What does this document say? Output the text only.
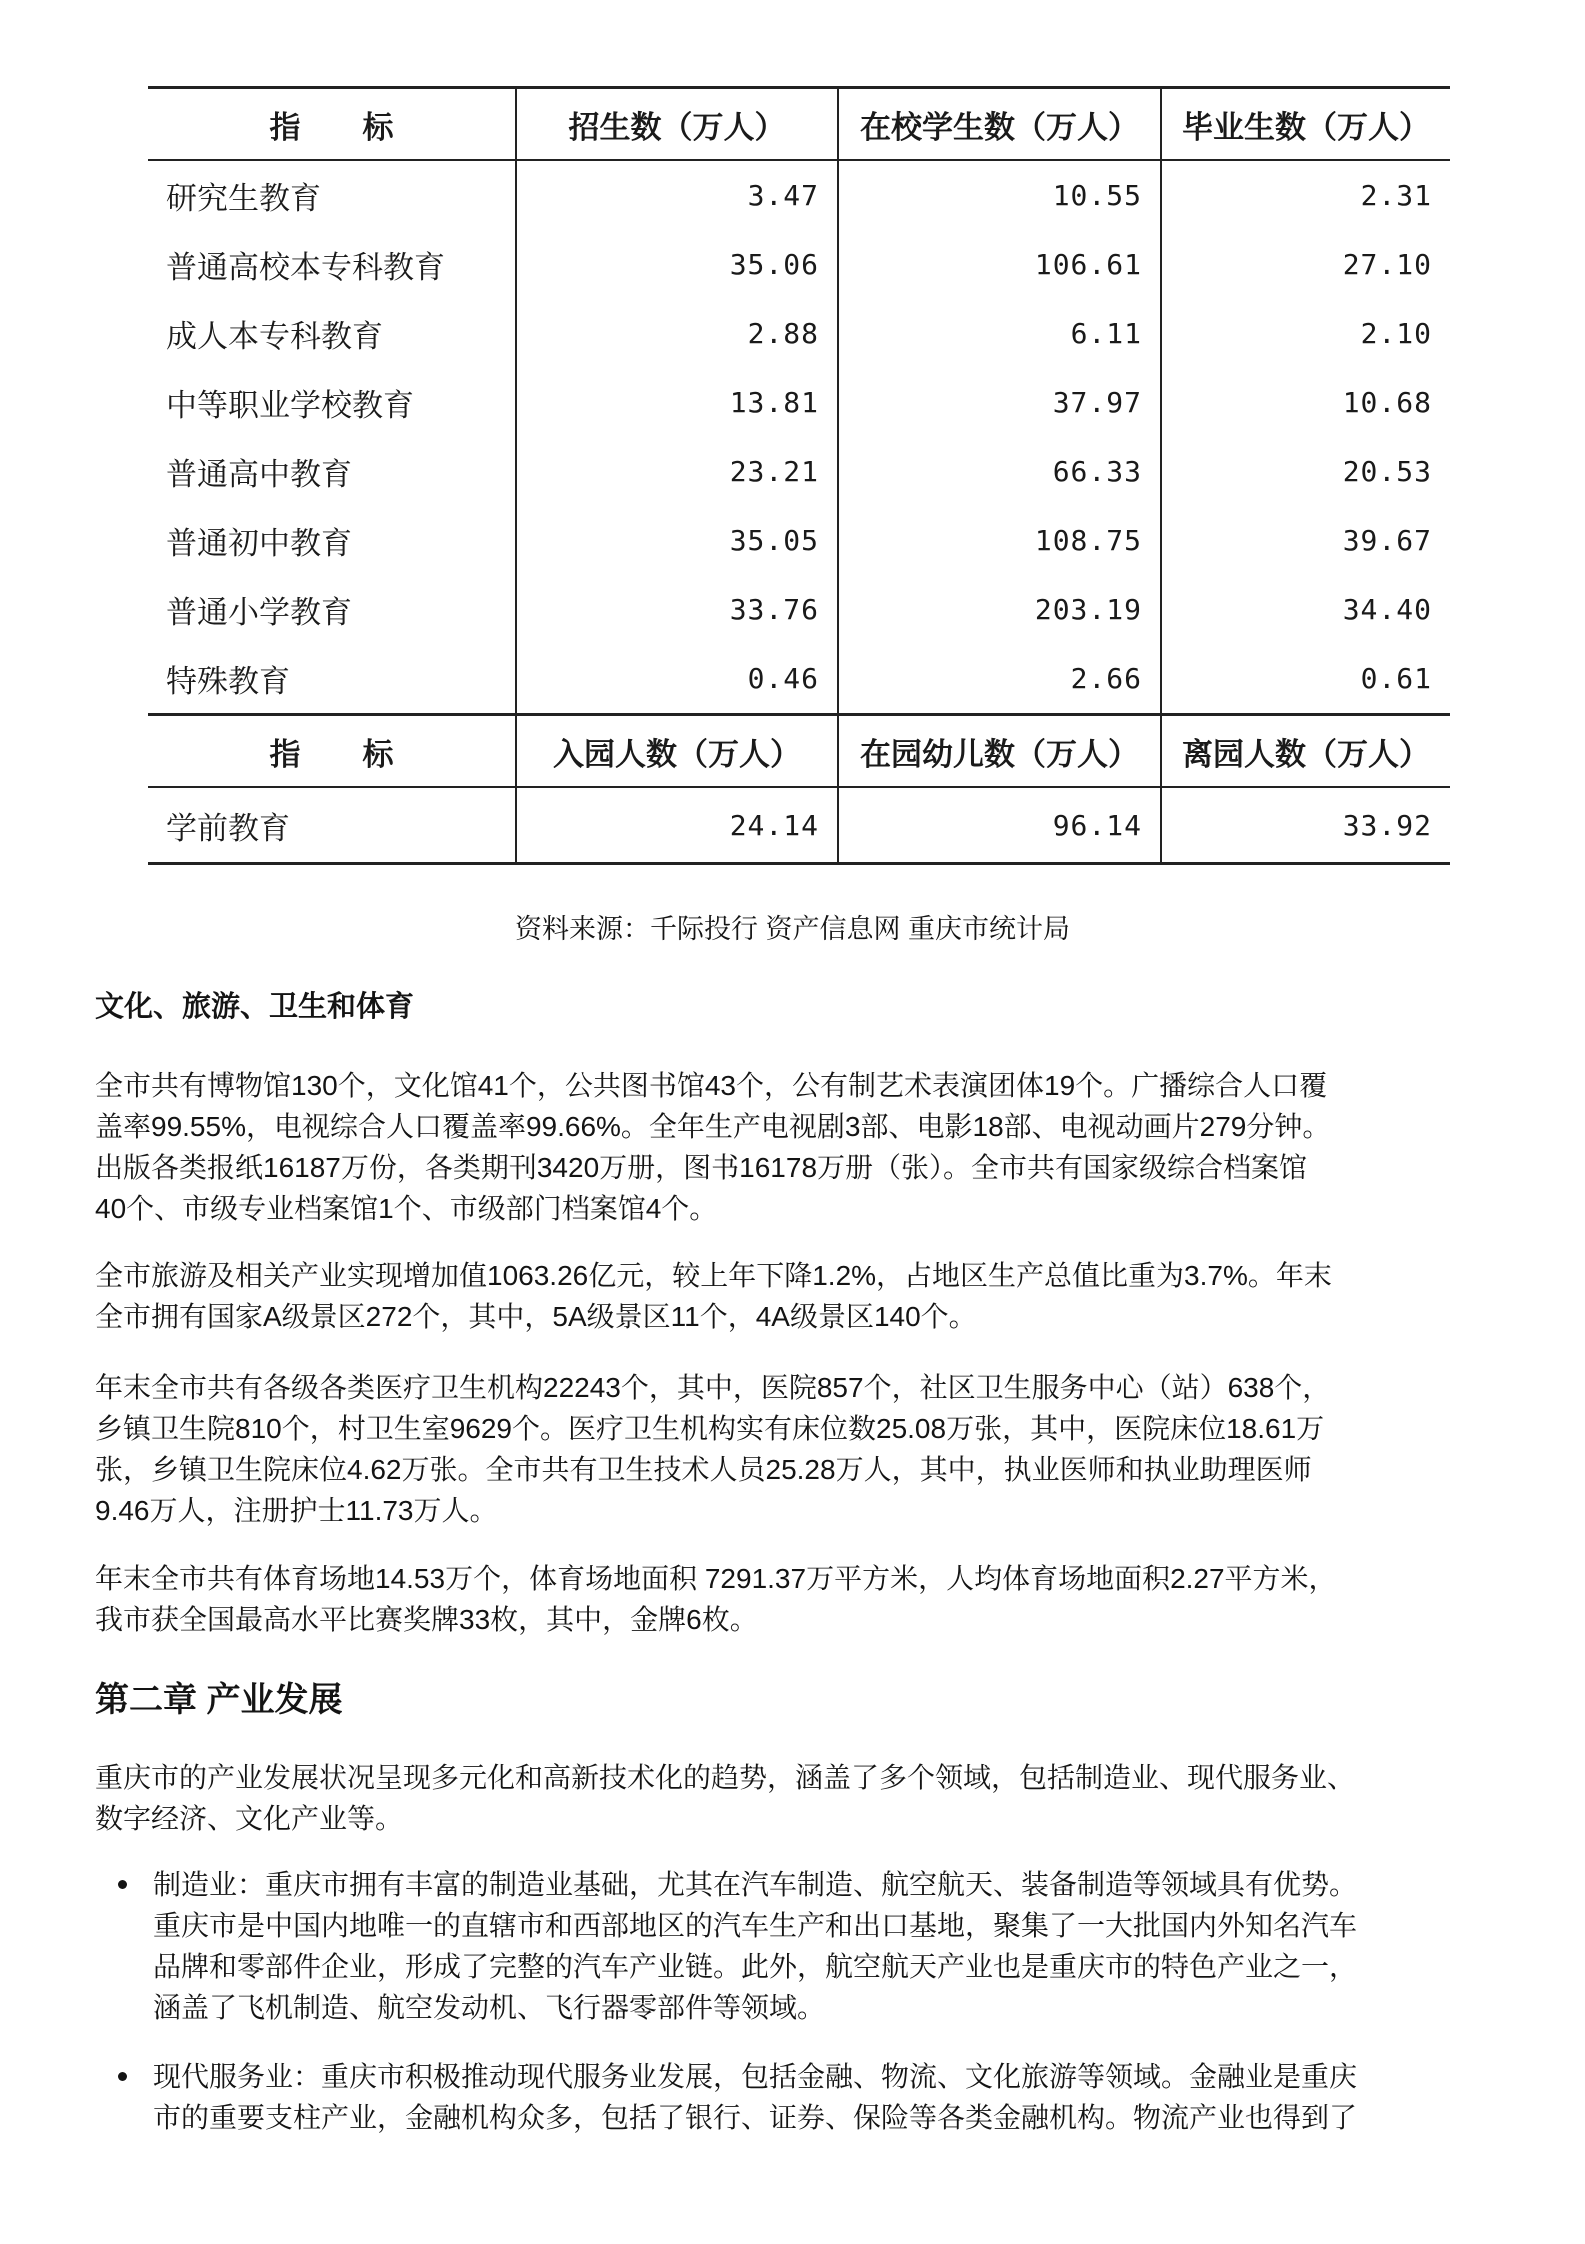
指　　标	招生数（万人）	在校学生数（万人）	毕业生数（万人）
研究生教育	3.47	10.55	2.31
普通高校本专科教育	35.06	106.61	27.10
成人本专科教育	2.88	6.11	2.10
中等职业学校教育	13.81	37.97	10.68
普通高中教育	23.21	66.33	20.53
普通初中教育	35.05	108.75	39.67
普通小学教育	33.76	203.19	34.40
特殊教育	0.46	2.66	0.61
指　　标	入园人数（万人）	在园幼儿数（万人）	离园人数（万人）
学前教育	24.14	96.14	33.92
资料来源：千际投行 资产信息网 重庆市统计局
文化、旅游、卫生和体育
全市共有博物馆130个，文化馆41个，公共图书馆43个，公有制艺术表演团体19个。广播综合人口覆
盖率99.55%，电视综合人口覆盖率99.66%。全年生产电视剧3部、电影18部、电视动画片279分钟。
出版各类报纸16187万份，各类期刊3420万册，图书16178万册（张）。全市共有国家级综合档案馆
40个、市级专业档案馆1个、市级部门档案馆4个。
全市旅游及相关产业实现增加值1063.26亿元，较上年下降1.2%，占地区生产总值比重为3.7%。年末
全市拥有国家A级景区272个，其中，5A级景区11个，4A级景区140个。
年末全市共有各级各类医疗卫生机构22243个，其中，医院857个，社区卫生服务中心（站）638个，
乡镇卫生院810个，村卫生室9629个。医疗卫生机构实有床位数25.08万张，其中，医院床位18.61万
张，乡镇卫生院床位4.62万张。全市共有卫生技术人员25.28万人，其中，执业医师和执业助理医师
9.46万人，注册护士11.73万人。
年末全市共有体育场地14.53万个，体育场地面积 7291.37万平方米，人均体育场地面积2.27平方米，
我市获全国最高水平比赛奖牌33枚，其中，金牌6枚。
第二章 产业发展
重庆市的产业发展状况呈现多元化和高新技术化的趋势，涵盖了多个领域，包括制造业、现代服务业、
数字经济、文化产业等。
制造业：重庆市拥有丰富的制造业基础，尤其在汽车制造、航空航天、装备制造等领域具有优势。
重庆市是中国内地唯一的直辖市和西部地区的汽车生产和出口基地，聚集了一大批国内外知名汽车
品牌和零部件企业，形成了完整的汽车产业链。此外，航空航天产业也是重庆市的特色产业之一，
涵盖了飞机制造、航空发动机、飞行器零部件等领域。
现代服务业：重庆市积极推动现代服务业发展，包括金融、物流、文化旅游等领域。金融业是重庆
市的重要支柱产业，金融机构众多，包括了银行、证券、保险等各类金融机构。物流产业也得到了
